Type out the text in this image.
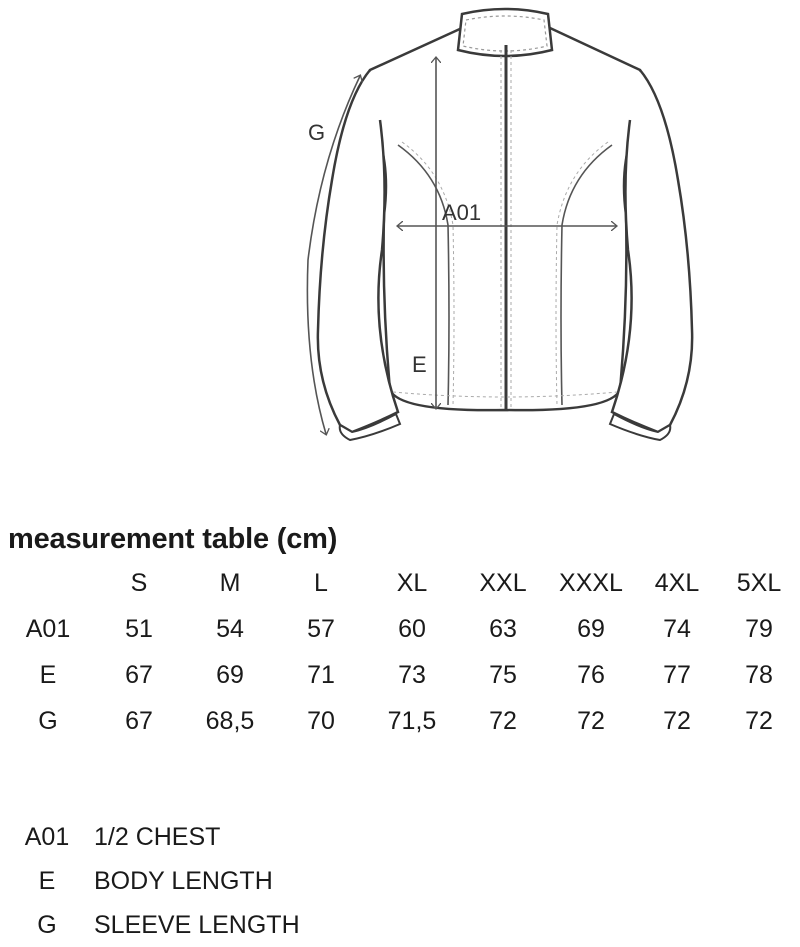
G
E
A01
measurement table (cm)
	S	M	L	XL	XXL	XXXL	4XL	5XL
A01	51	54	57	60	63	69	74	79
E	67	69	71	73	75	76	77	78
G	67	68,5	70	71,5	72	72	72	72
A01 1/2 CHEST
E	BODY LENGTH
G	SLEEVE LENGTH
